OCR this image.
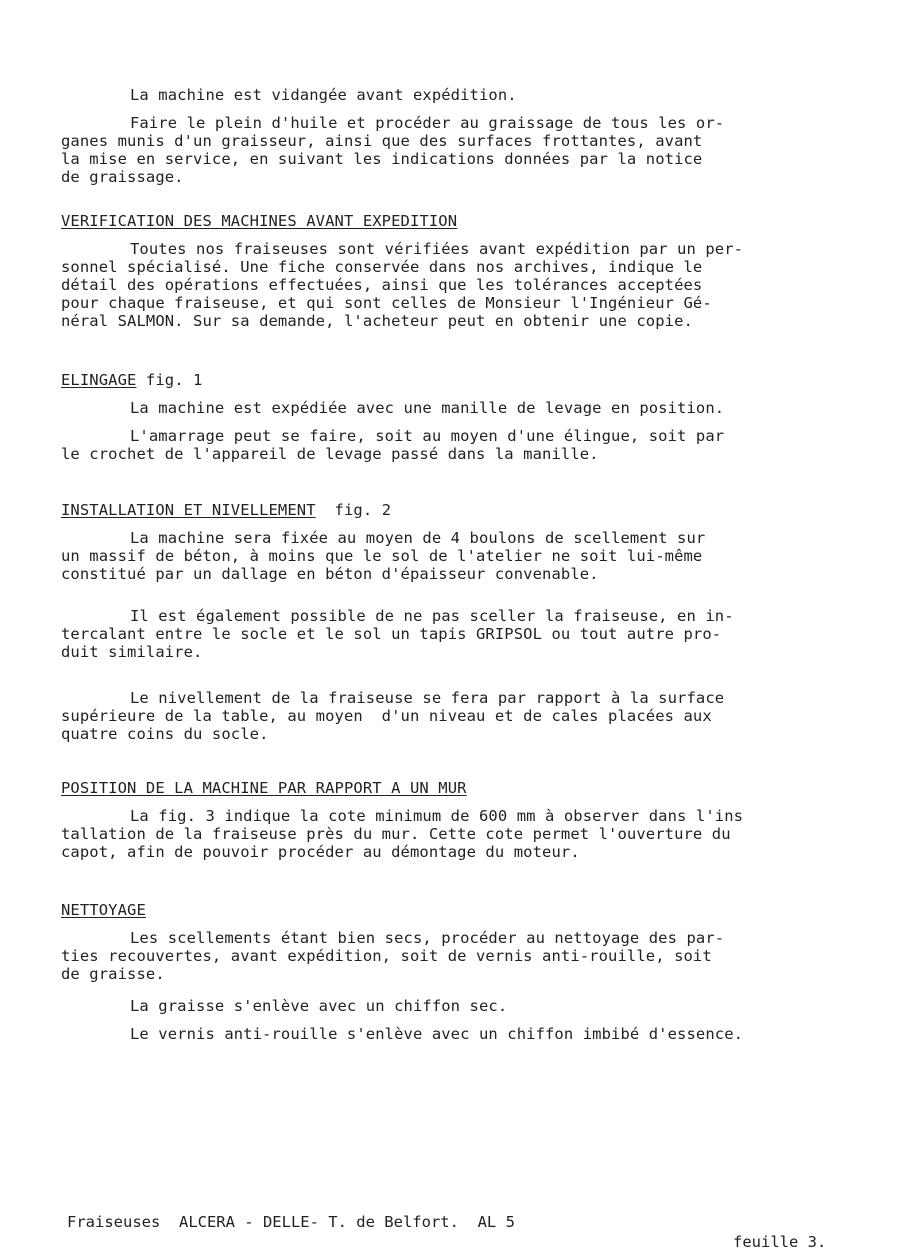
La machine est vidangée avant expédition.
Faire le plein d'huile et procéder au graissage de tous les or-
ganes munis d'un graisseur, ainsi que des surfaces frottantes, avant
la mise en service, en suivant les indications données par la notice
de graissage.
VERIFICATION DES MACHINES AVANT EXPEDITION
Toutes nos fraiseuses sont vérifiées avant expédition par un per-
sonnel spécialisé. Une fiche conservée dans nos archives, indique le
détail des opérations effectuées, ainsi que les tolérances acceptées
pour chaque fraiseuse, et qui sont celles de Monsieur l'Ingénieur Gé-
néral SALMON. Sur sa demande, l'acheteur peut en obtenir une copie.
ELINGAGE fig. 1
La machine est expédiée avec une manille de levage en position.
L'amarrage peut se faire, soit au moyen d'une élingue, soit par
le crochet de l'appareil de levage passé dans la manille.
INSTALLATION ET NIVELLEMENT  fig. 2
La machine sera fixée au moyen de 4 boulons de scellement sur
un massif de béton, à moins que le sol de l'atelier ne soit lui-même
constitué par un dallage en béton d'épaisseur convenable.
Il est également possible de ne pas sceller la fraiseuse, en in-
tercalant entre le socle et le sol un tapis GRIPSOL ou tout autre pro-
duit similaire.
Le nivellement de la fraiseuse se fera par rapport à la surface
supérieure de la table, au moyen  d'un niveau et de cales placées aux
quatre coins du socle.
POSITION DE LA MACHINE PAR RAPPORT A UN MUR
La fig. 3 indique la cote minimum de 600 mm à observer dans l'ins
tallation de la fraiseuse près du mur. Cette cote permet l'ouverture du
capot, afin de pouvoir procéder au démontage du moteur.
NETTOYAGE
Les scellements étant bien secs, procéder au nettoyage des par-
ties recouvertes, avant expédition, soit de vernis anti-rouille, soit
de graisse.
La graisse s'enlève avec un chiffon sec.
Le vernis anti-rouille s'enlève avec un chiffon imbibé d'essence.
Fraiseuses  ALCERA - DELLE- T. de Belfort.  AL 5
feuille 3.
